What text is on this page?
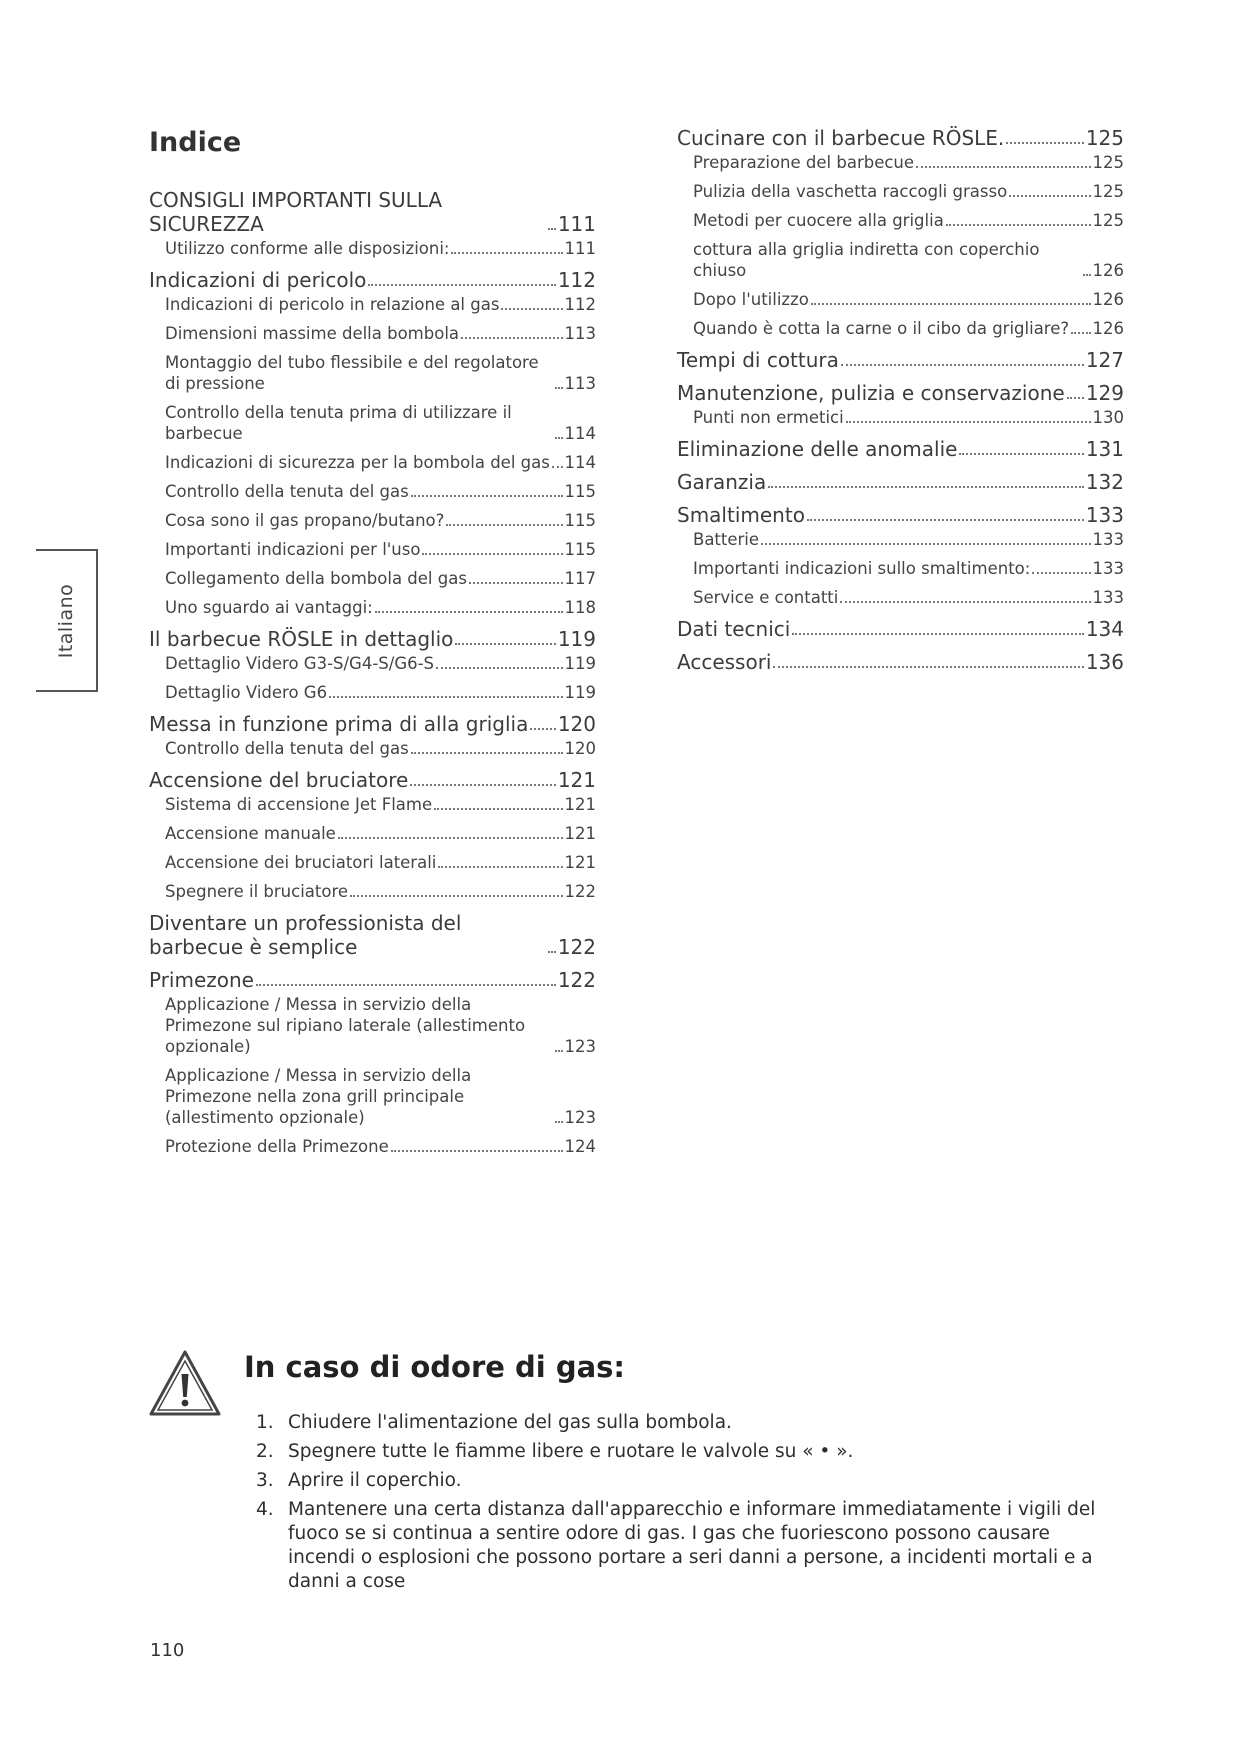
Indice
CONSIGLI IMPORTANTI SULLA SICUREZZA	111
Utilizzo conforme alle disposizioni:	111
Indicazioni di pericolo	112
Indicazioni di pericolo in relazione al gas	112
Dimensioni massime della bombola	113
Montaggio del tubo flessibile e del regolatore di pressione	113
Controllo della tenuta prima di utilizzare il barbecue	114
Indicazioni di sicurezza per la bombola del gas 114
Controllo della tenuta del gas	115
Cosa sono il gas propano/butano?	115
Importanti indicazioni per l'uso	115
Collegamento della bombola del gas	117
Uno sguardo ai vantaggi:	118
Il barbecue RÖSLE in dettaglio	119
Dettaglio Videro G3-S/G4-S/G6-S	119
Dettaglio Videro G6	119
Messa in funzione prima di alla griglia 120
Controllo della tenuta del gas	120
Accensione del bruciatore	121
Sistema di accensione Jet Flame	121
Accensione manuale	121
Accensione dei bruciatori laterali	121
Spegnere il bruciatore	122
Diventare un professionista del barbecue è semplice	122
Primezone	122
Applicazione / Messa in servizio della Primezone sul ripiano laterale (allestimento opzionale)	123
Applicazione / Messa in servizio della Primezone nella zona grill principale (allestimento opzionale)	123
Protezione della Primezone	124
Cucinare con il barbecue RÖSLE.	125
Preparazione del barbecue	125
Pulizia della vaschetta raccogli grasso	125
Metodi per cuocere alla griglia	125
cottura alla griglia indiretta con coperchio chiuso	126
Dopo l'utilizzo	126
Quando è cotta la carne o il cibo da grigliare? 126
Tempi di cottura	127
Manutenzione, pulizia e conservazione 129
Punti non ermetici	130
Eliminazione delle anomalie	131
Garanzia	132
Smaltimento	133
Batterie	133
Importanti indicazioni sullo smaltimento:	133
Service e contatti	133
Dati tecnici	134
Accessori	136
Italiano
In caso di odore di gas:
1. Chiudere l'alimentazione del gas sulla bombola.
2. Spegnere tutte le fiamme libere e ruotare le valvole su « • ».
3. Aprire il coperchio.
4. Mantenere una certa distanza dall'apparecchio e informare immediatamente i vigili del fuoco se si continua a sentire odore di gas. I gas che fuoriescono possono causare incendi o esplosioni che possono portare a seri danni a persone, a incidenti mortali e a danni a cose
110
